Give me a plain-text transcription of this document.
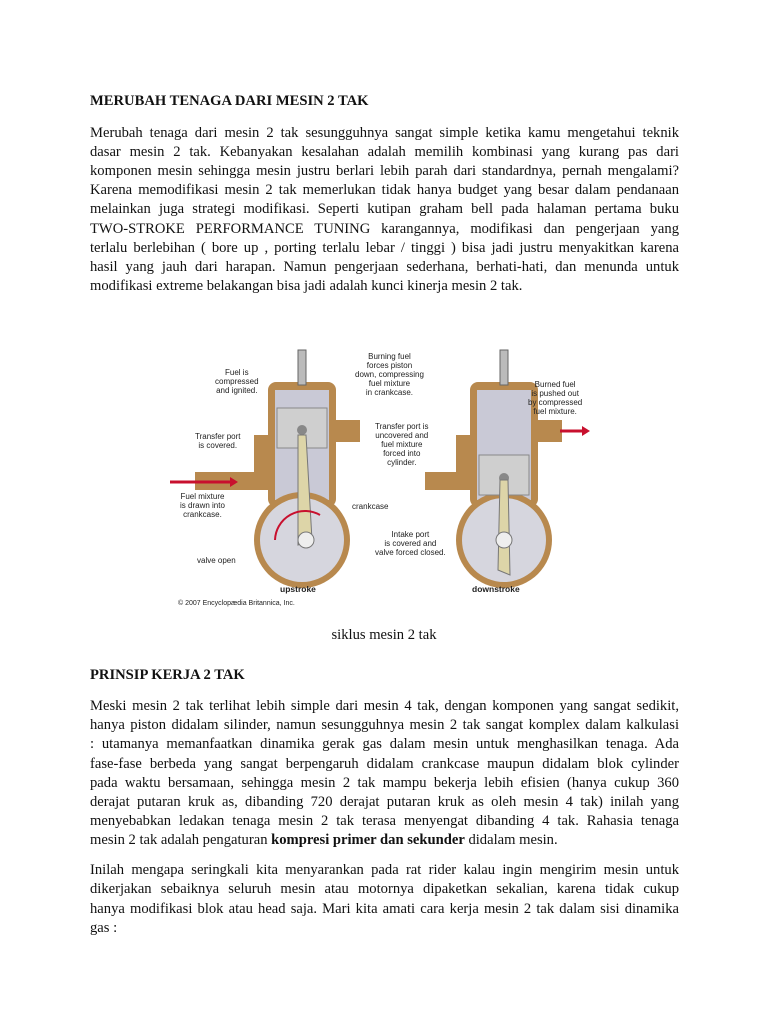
MERUBAH TENAGA DARI MESIN 2 TAK
Merubah tenaga dari mesin 2 tak sesungguhnya sangat simple ketika kamu mengetahui teknik
dasar mesin 2 tak. Kebanyakan kesalahan adalah memilih kombinasi yang kurang pas dari
komponen mesin sehingga mesin justru berlari lebih parah dari standardnya, pernah mengalami?
Karena memodifikasi mesin 2 tak memerlukan tidak hanya budget yang besar dalam pendanaan
melainkan juga strategi modifikasi. Seperti kutipan graham bell pada halaman pertama buku
TWO-STROKE PERFORMANCE TUNING karangannya, modifikasi dan pengerjaan yang
terlalu berlebihan ( bore up , porting terlalu lebar / tinggi ) bisa jadi justru menyakitkan karena
hasil yang jauh dari harapan. Namun pengerjaan sederhana, berhati-hati, dan menunda untuk
modifikasi extreme belakangan bisa jadi adalah kunci kinerja mesin 2 tak.
Fuel is
compressed
and ignited.
Burning fuel
forces piston
down, compressing
fuel mixture
in crankcase.
Burned fuel
is pushed out
by compressed
fuel mixture.
Transfer port
is covered.
Transfer port is
uncovered and
fuel mixture
forced into
cylinder.
Fuel mixture
is drawn into
crankcase.
crankcase
Intake port
is covered and
valve forced closed.
valve open
upstroke	downstroke
© 2007 Encyclopædia Britannica, Inc.
siklus mesin 2 tak
PRINSIP KERJA 2 TAK
Meski mesin 2 tak terlihat lebih simple dari mesin 4 tak, dengan komponen yang sangat sedikit,
hanya piston didalam silinder, namun sesungguhnya mesin 2 tak sangat komplex dalam kalkulasi
: utamanya memanfaatkan dinamika gerak gas dalam mesin untuk menghasilkan tenaga. Ada
fase-fase berbeda yang sangat berpengaruh didalam crankcase maupun didalam blok cylinder
pada waktu bersamaan, sehingga mesin 2 tak mampu bekerja lebih efisien (hanya cukup 360
derajat putaran kruk as, dibanding 720 derajat putaran kruk as oleh mesin 4 tak) inilah yang
menyebabkan ledakan tenaga mesin 2 tak terasa menyengat dibanding 4 tak. Rahasia tenaga
mesin 2 tak adalah pengaturan kompresi primer dan sekunder didalam mesin.
Inilah mengapa seringkali kita menyarankan pada rat rider kalau ingin mengirim mesin untuk
dikerjakan sebaiknya seluruh mesin atau motornya dipaketkan sekalian, karena tidak cukup
hanya modifikasi blok atau head saja. Mari kita amati cara kerja mesin 2 tak dalam sisi dinamika
gas :
